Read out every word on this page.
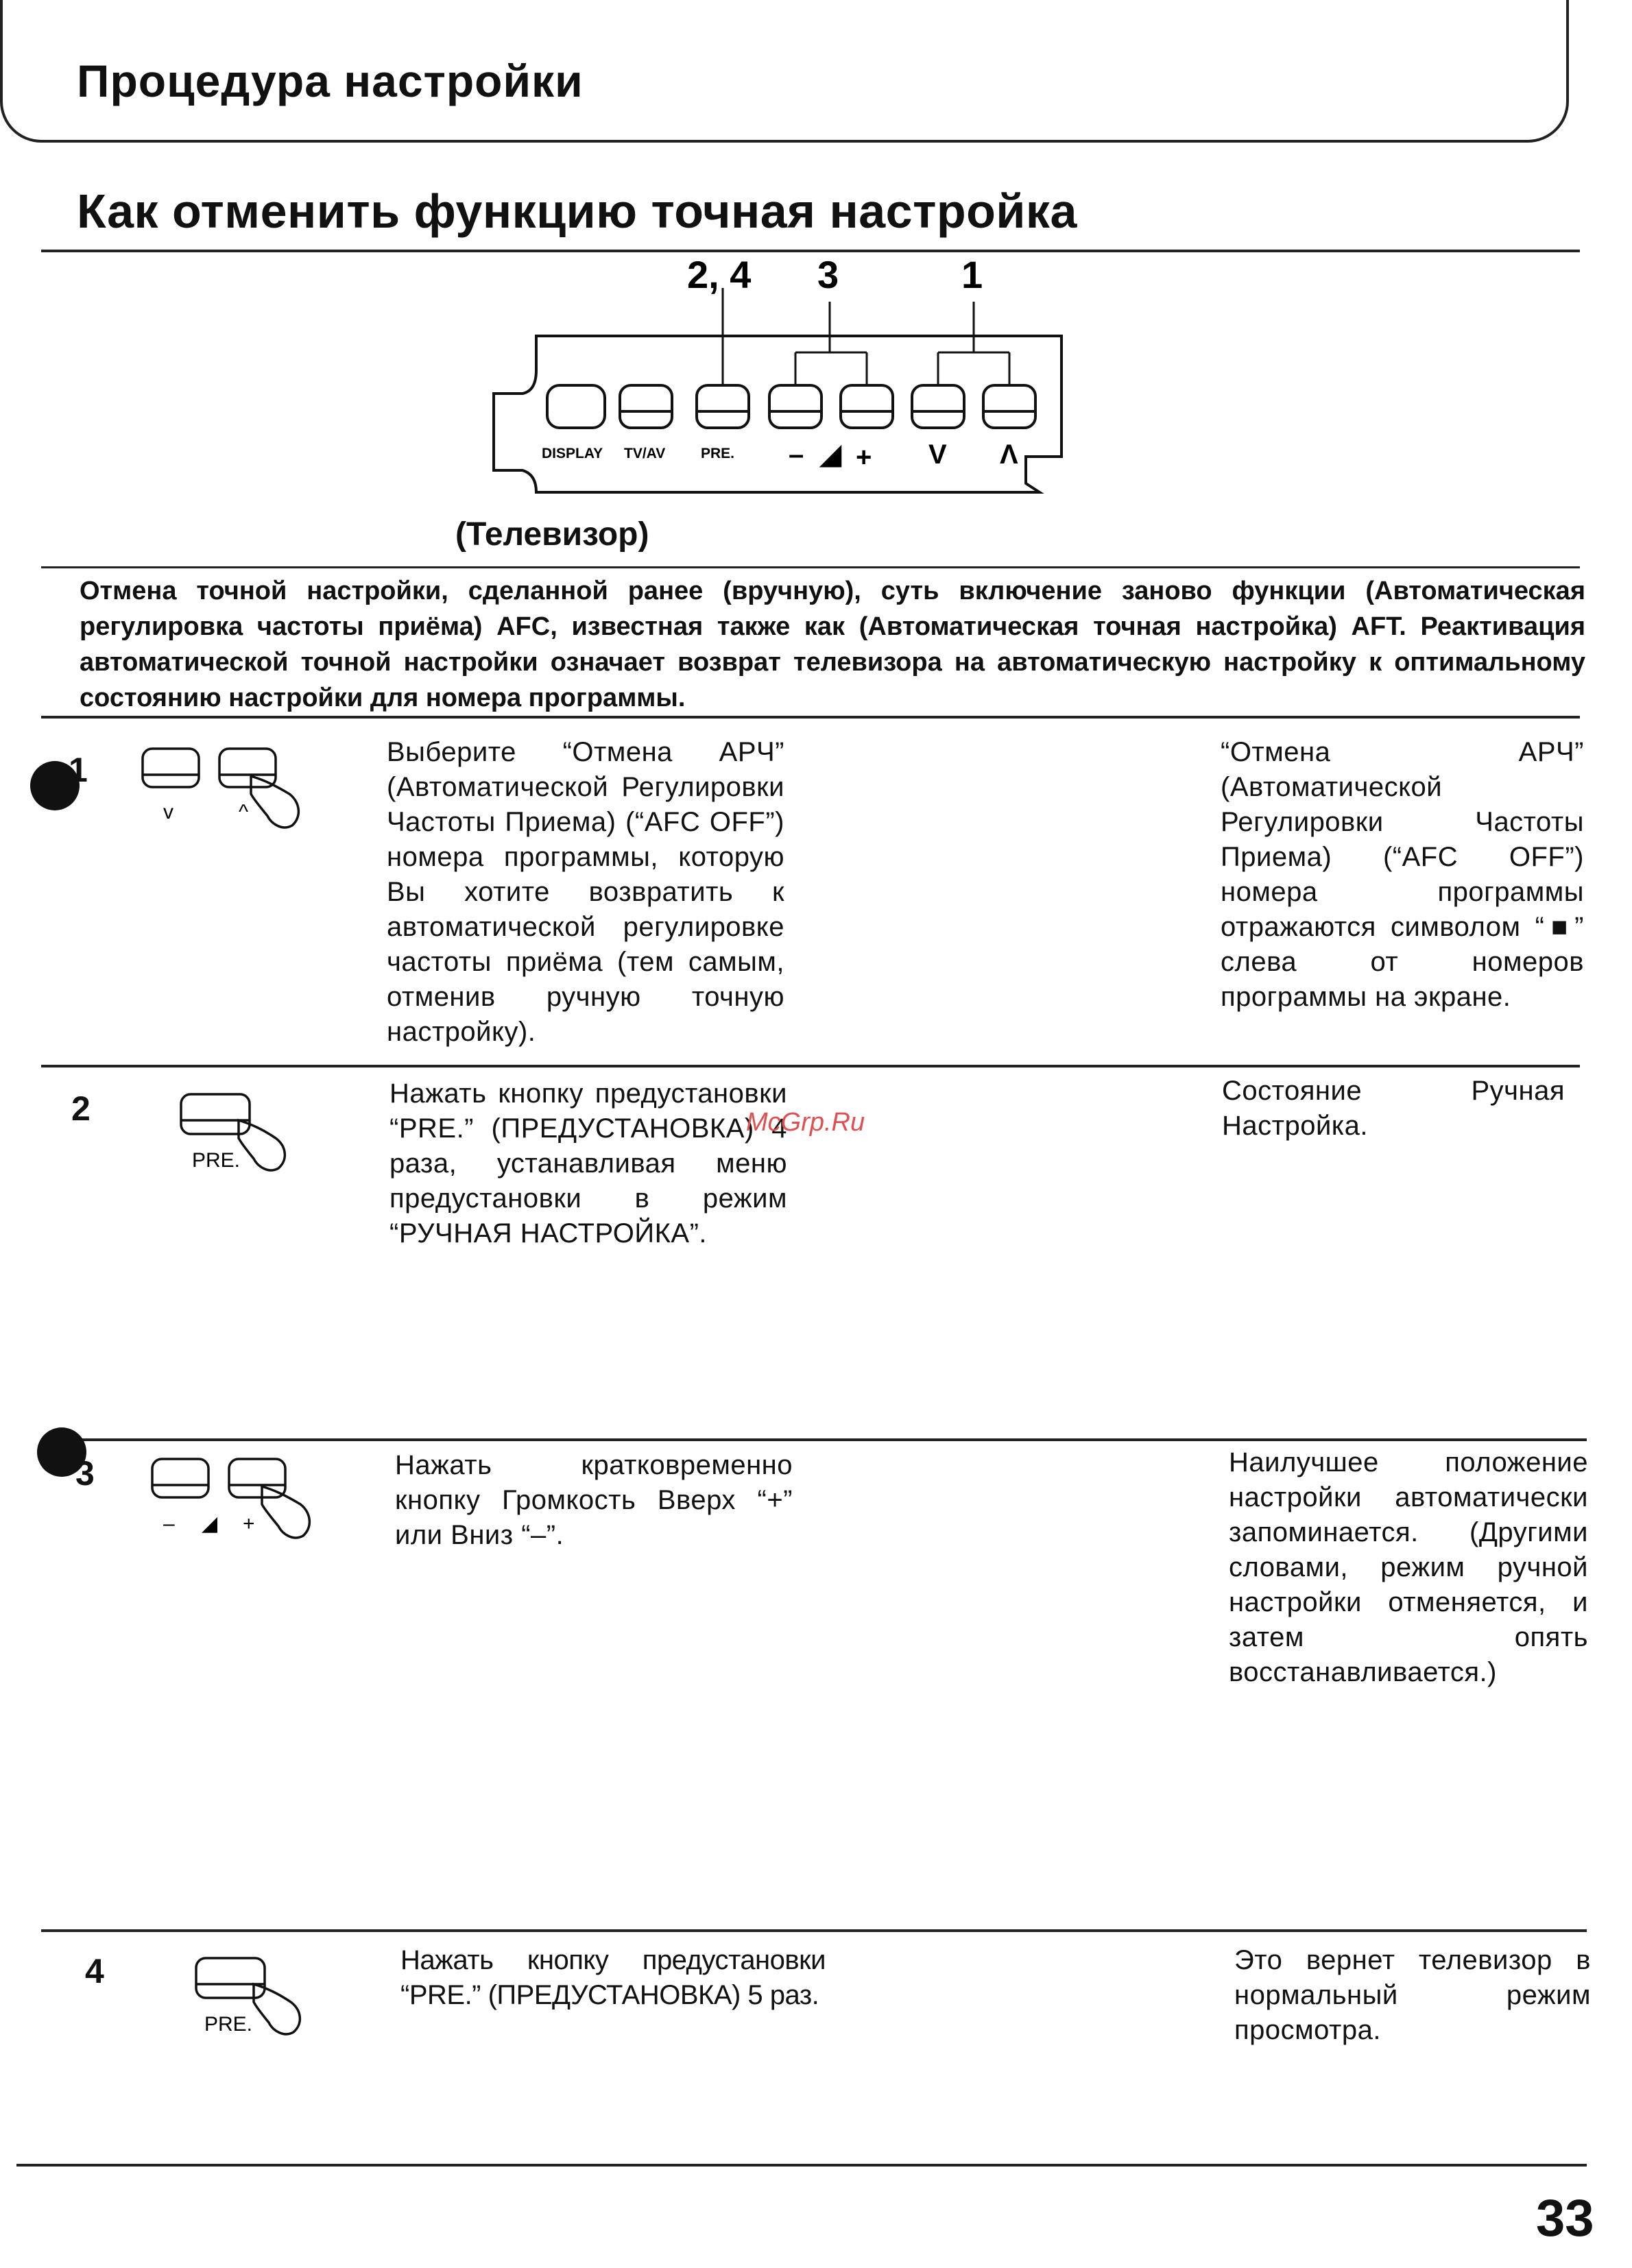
Процедура настройки
Как отменить функцию точная настройка
2, 4 3	1
DISPLAY TV/AV PRE. – ◢ + V Λ
(Телевизор)
Отмена точной настройки, сделанной ранее (вручную), суть включение заново функции (Автоматическая регулировка частоты приёма) AFC, известная также как (Автоматическая точная настройка) AFT. Реактивация автоматической точной настройки означает возврат телевизора на автоматическую настройку к оптимальному состоянию настройки для номера программы.
1
v	^
Выберите “Отмена АРЧ” (Автоматической Регулировки Частоты Приема) (“AFC OFF”) номера программы, которую Вы хотите возвратить к автоматической регулировке частоты приёма (тем самым, отменив ручную точную настройку).
“Отмена АРЧ” (Автоматической Регулировки Частоты Приема) (“AFC OFF”) номера программы отражаются символом “■” слева от номеров программы на экране.
2
PRE.
Нажать кнопку предустановки “PRE.” (ПРЕДУСТАНОВКА) 4 раза, устанавливая меню предустановки в режим “РУЧНАЯ НАСТРОЙКА”.
Состояние Ручная Настройка.
McGrp.Ru
3
– ◢ +
Нажать кратковременно кнопку Громкость Вверх “+” или Вниз “–”.
Наилучшее положение настройки автоматически запоминается. (Другими словами, режим ручной настройки отменяется, и затем опять восстанавливается.)
4
PRE.
Нажать кнопку предустановки “PRE.” (ПРЕДУСТАНОВКА) 5 раз.
Это вернет телевизор в нормальный режим просмотра.
33
